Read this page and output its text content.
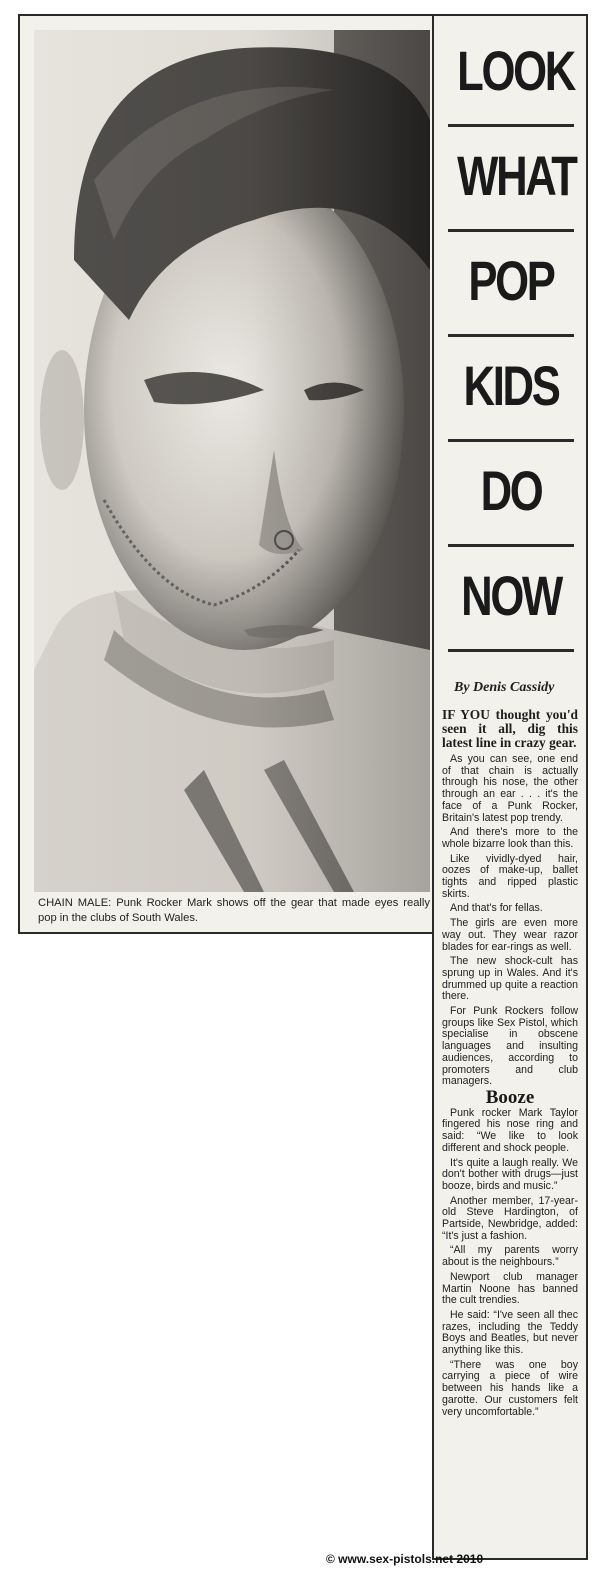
CHAIN MALE: Punk Rocker Mark shows off the gear that made eyes really pop in the clubs of South Wales.
LOOK
WHAT
POP
KIDS
DO
NOW
By Denis Cassidy

IF YOU thought you'd seen it all, dig this latest line in crazy gear.

As you can see, one end of that chain is actually through his nose, the other through an ear . . . it's the face of a Punk Rocker, Britain's latest pop trendy.

And there's more to the whole bizarre look than this.

Like vividly-dyed hair, oozes of make-up, ballet tights and ripped plastic skirts.

And that's for fellas.

The girls are even more way out. They wear razor blades for ear-rings as well.

The new shock-cult has sprung up in Wales. And it's drummed up quite a reaction there.

For Punk Rockers follow groups like Sex Pistol, which specialise in obscene languages and insulting audiences, according to promoters and club managers.

Booze

Punk rocker Mark Taylor fingered his nose ring and said: “We like to look different and shock people.

It's quite a laugh really. We don't bother with drugs—just booze, birds and music.”

Another member, 17-year-old Steve Hardington, of Partside, Newbridge, added: “It's just a fashion.

“All my parents worry about is the neighbours.”

Newport club manager Martin Noone has banned the cult trendies.

He said: “I've seen all thec razes, including the Teddy Boys and Beatles, but never anything like this.

“There was one boy carrying a piece of wire between his hands like a garotte. Our customers felt very uncomfortable.”

© www.sex-pistols.net 2010
